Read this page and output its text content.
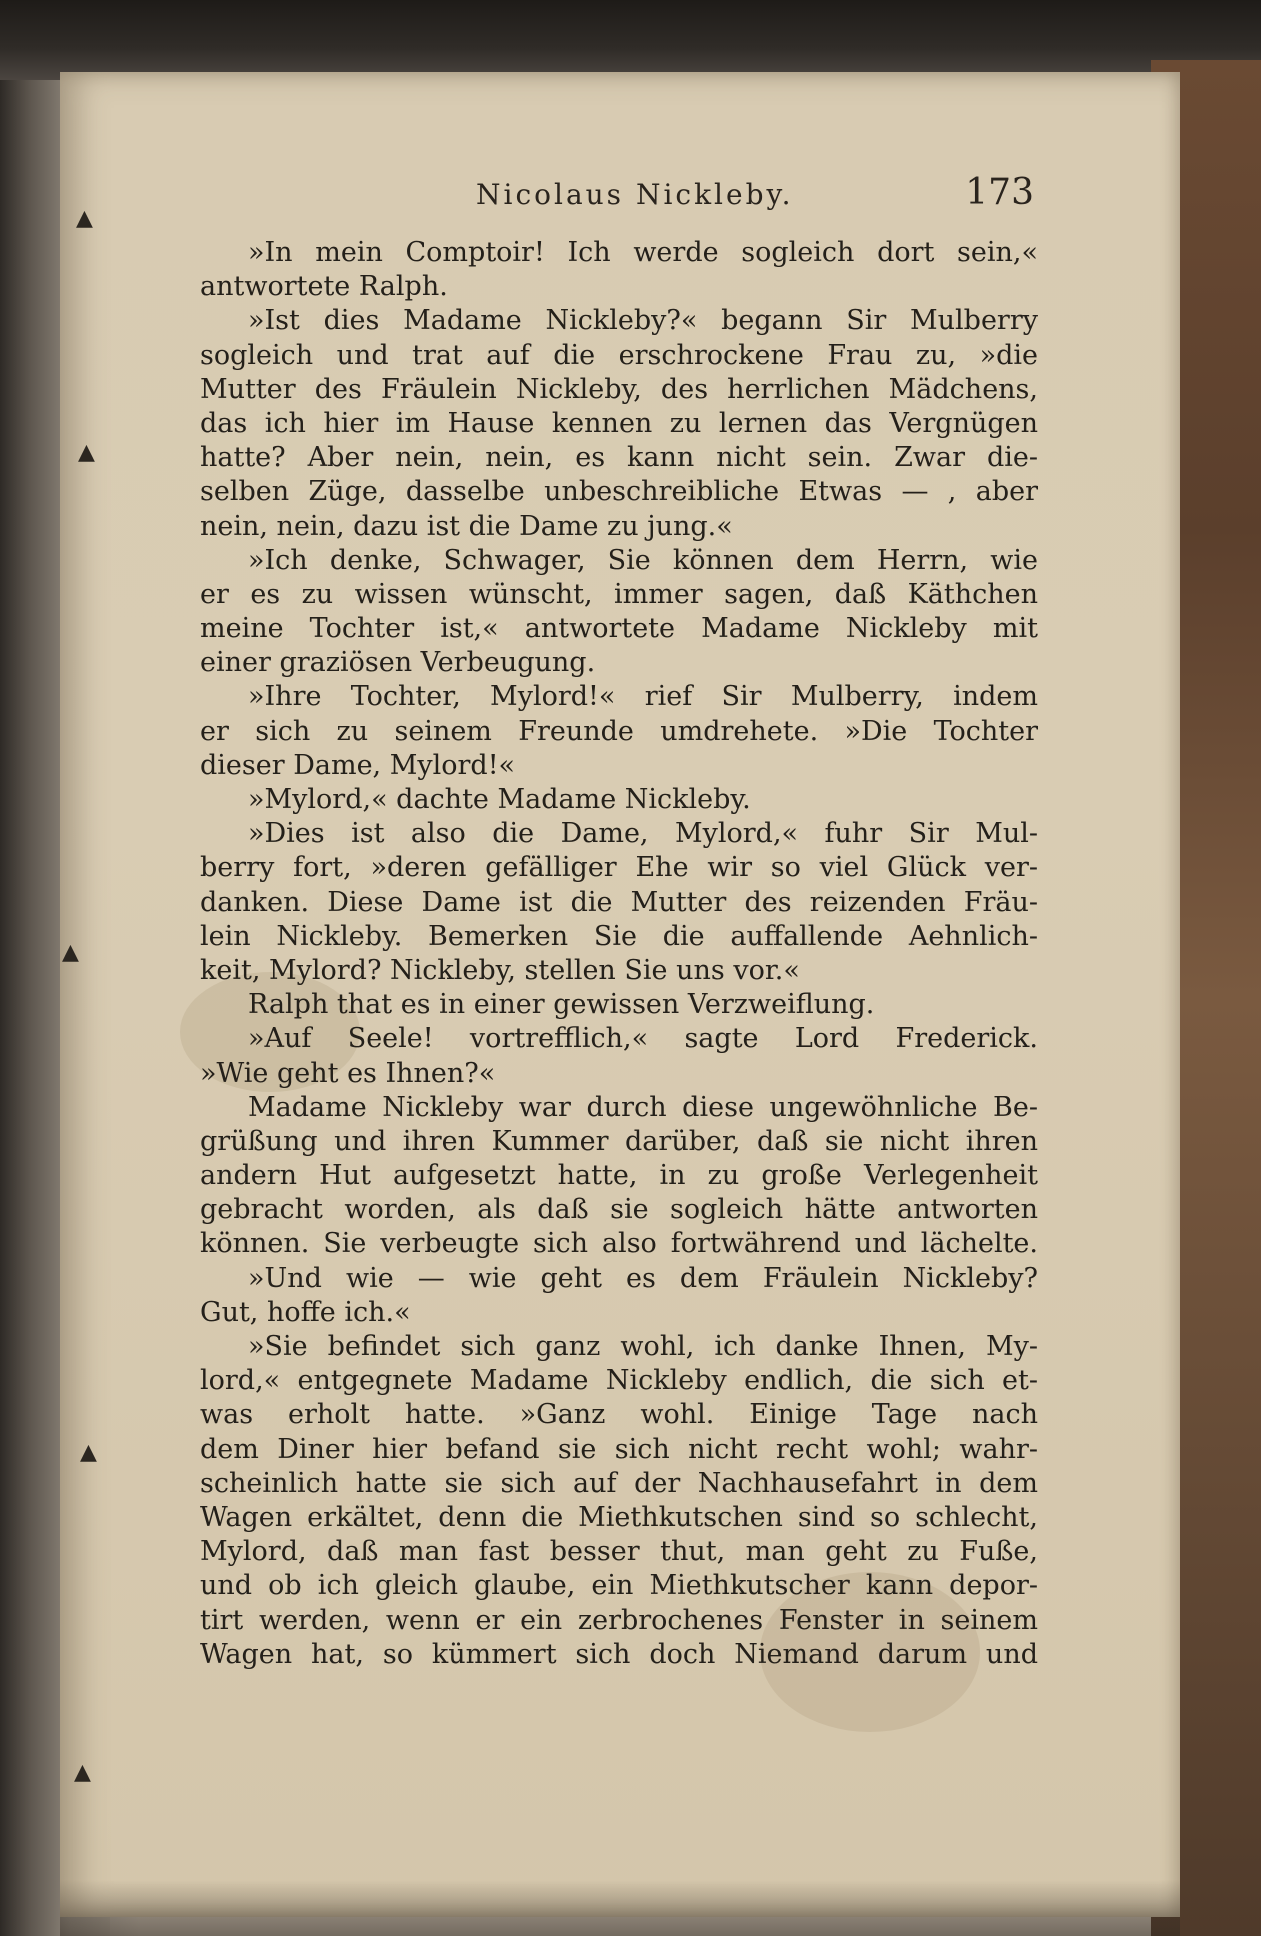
▲
▲
▲
▲
▲
Nicolaus Nickleby.	173
»In mein Comptoir! Ich werde sogleich dort sein,«
antwortete Ralph.
»Ist dies Madame Nickleby?« begann Sir Mulberry
sogleich und trat auf die erschrockene Frau zu, »die
Mutter des Fräulein Nickleby, des herrlichen Mädchens,
das ich hier im Hause kennen zu lernen das Vergnügen
hatte? Aber nein, nein, es kann nicht sein. Zwar die-
selben Züge, dasselbe unbeschreibliche Etwas — , aber
nein, nein, dazu ist die Dame zu jung.«
»Ich denke, Schwager, Sie können dem Herrn, wie
er es zu wissen wünscht, immer sagen, daß Käthchen
meine Tochter ist,« antwortete Madame Nickleby mit
einer graziösen Verbeugung.
»Ihre Tochter, Mylord!« rief Sir Mulberry, indem
er sich zu seinem Freunde umdrehete. »Die Tochter
dieser Dame, Mylord!«
»Mylord,« dachte Madame Nickleby.
»Dies ist also die Dame, Mylord,« fuhr Sir Mul-
berry fort, »deren gefälliger Ehe wir so viel Glück ver-
danken. Diese Dame ist die Mutter des reizenden Fräu-
lein Nickleby. Bemerken Sie die auffallende Aehnlich-
keit, Mylord? Nickleby, stellen Sie uns vor.«
Ralph that es in einer gewissen Verzweiflung.
»Auf Seele! vortrefflich,« sagte Lord Frederick.
»Wie geht es Ihnen?«
Madame Nickleby war durch diese ungewöhnliche Be-
grüßung und ihren Kummer darüber, daß sie nicht ihren
andern Hut aufgesetzt hatte, in zu große Verlegenheit
gebracht worden, als daß sie sogleich hätte antworten
können. Sie verbeugte sich also fortwährend und lächelte.
»Und wie — wie geht es dem Fräulein Nickleby?
Gut, hoffe ich.«
»Sie befindet sich ganz wohl, ich danke Ihnen, My-
lord,« entgegnete Madame Nickleby endlich, die sich et-
was erholt hatte. »Ganz wohl. Einige Tage nach
dem Diner hier befand sie sich nicht recht wohl; wahr-
scheinlich hatte sie sich auf der Nachhausefahrt in dem
Wagen erkältet, denn die Miethkutschen sind so schlecht,
Mylord, daß man fast besser thut, man geht zu Fuße,
und ob ich gleich glaube, ein Miethkutscher kann depor-
tirt werden, wenn er ein zerbrochenes Fenster in seinem
Wagen hat, so kümmert sich doch Niemand darum und
